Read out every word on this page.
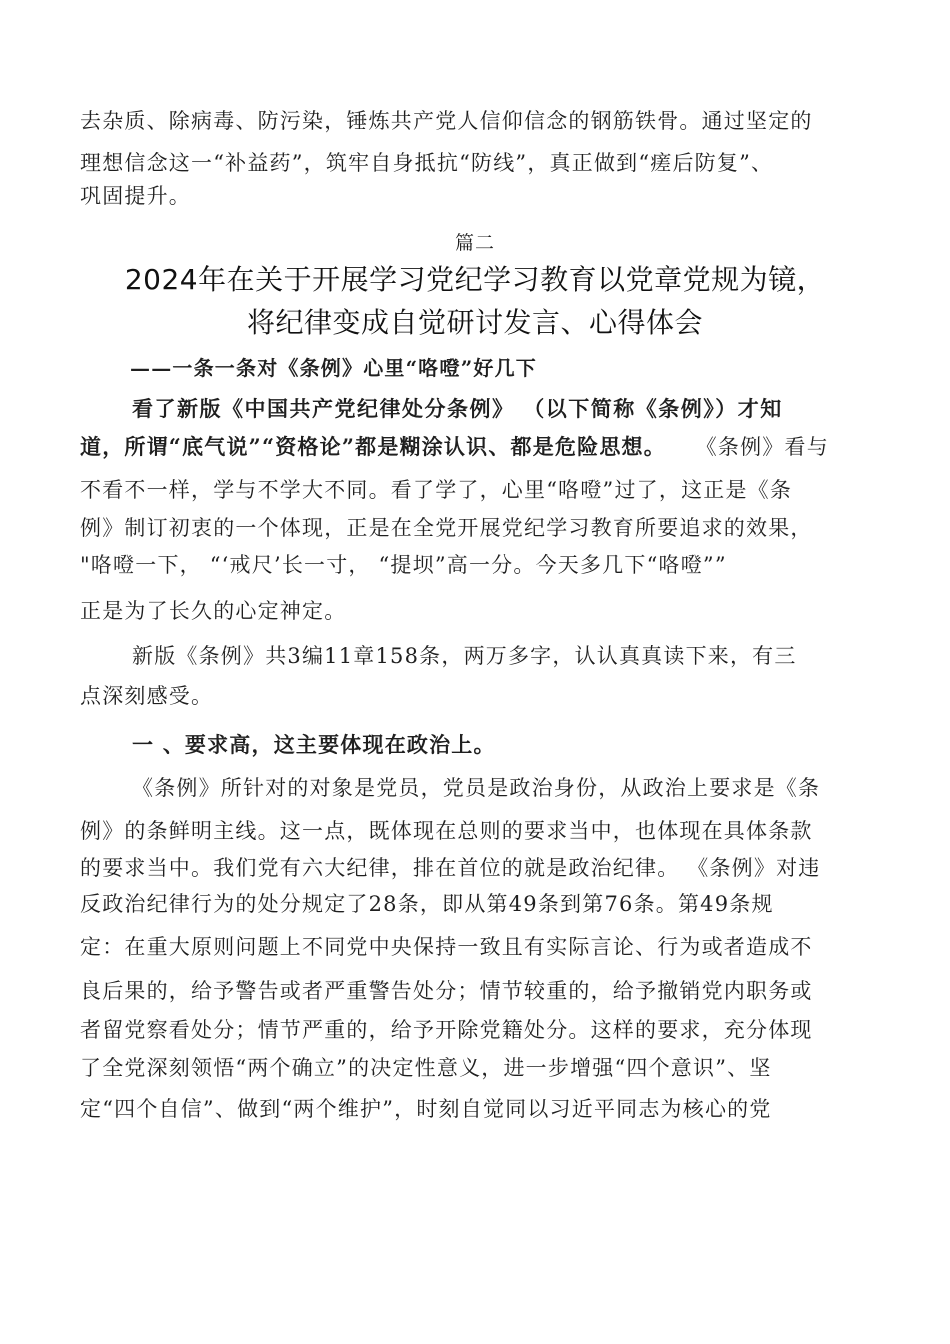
去杂质、除病毒、防污染，锤炼共产党人信仰信念的钢筋铁骨。通过坚定的
理想信念这一“补益药”，筑牢自身抵抗“防线”，真正做到“瘥后防复”、
巩固提升。
篇二
2024年在关于开展学习党纪学习教育以党章党规为镜，
将纪律变成自觉研讨发言、心得体会
——一条一条对《条例》心里“咯噔”好几下
看了新版《中国共产党纪律处分条例》 （以下简称《条例》）才知
道，所谓“底气说”“资格论”都是糊涂认识、都是危险思想。 《条例》看与
不看不一样，学与不学大不同。看了学了，心里“咯噔”过了，这正是《条
例》制订初衷的一个体现，正是在全党开展党纪学习教育所要追求的效果，
"咯噔一下， “‘戒尺’长一寸， “提坝”高一分。今天多几下“咯噔””
正是为了长久的心定神定。
新版《条例》共3编11章158条，两万多字，认认真真读下来，有三
点深刻感受。
一 、要求高，这主要体现在政治上。
《条例》所针对的对象是党员，党员是政治身份，从政治上要求是《条
例》的条鲜明主线。这一点，既体现在总则的要求当中，也体现在具体条款
的要求当中。我们党有六大纪律，排在首位的就是政治纪律。 《条例》对违
反政治纪律行为的处分规定了28条，即从第49条到第76条。第49条规
定：在重大原则问题上不同党中央保持一致且有实际言论、行为或者造成不
良后果的，给予警告或者严重警告处分；情节较重的，给予撤销党内职务或
者留党察看处分；情节严重的，给予开除党籍处分。这样的要求，充分体现
了全党深刻领悟“两个确立”的决定性意义，进一步增强“四个意识”、坚
定“四个自信”、做到“两个维护”，时刻自觉同以习近平同志为核心的党
